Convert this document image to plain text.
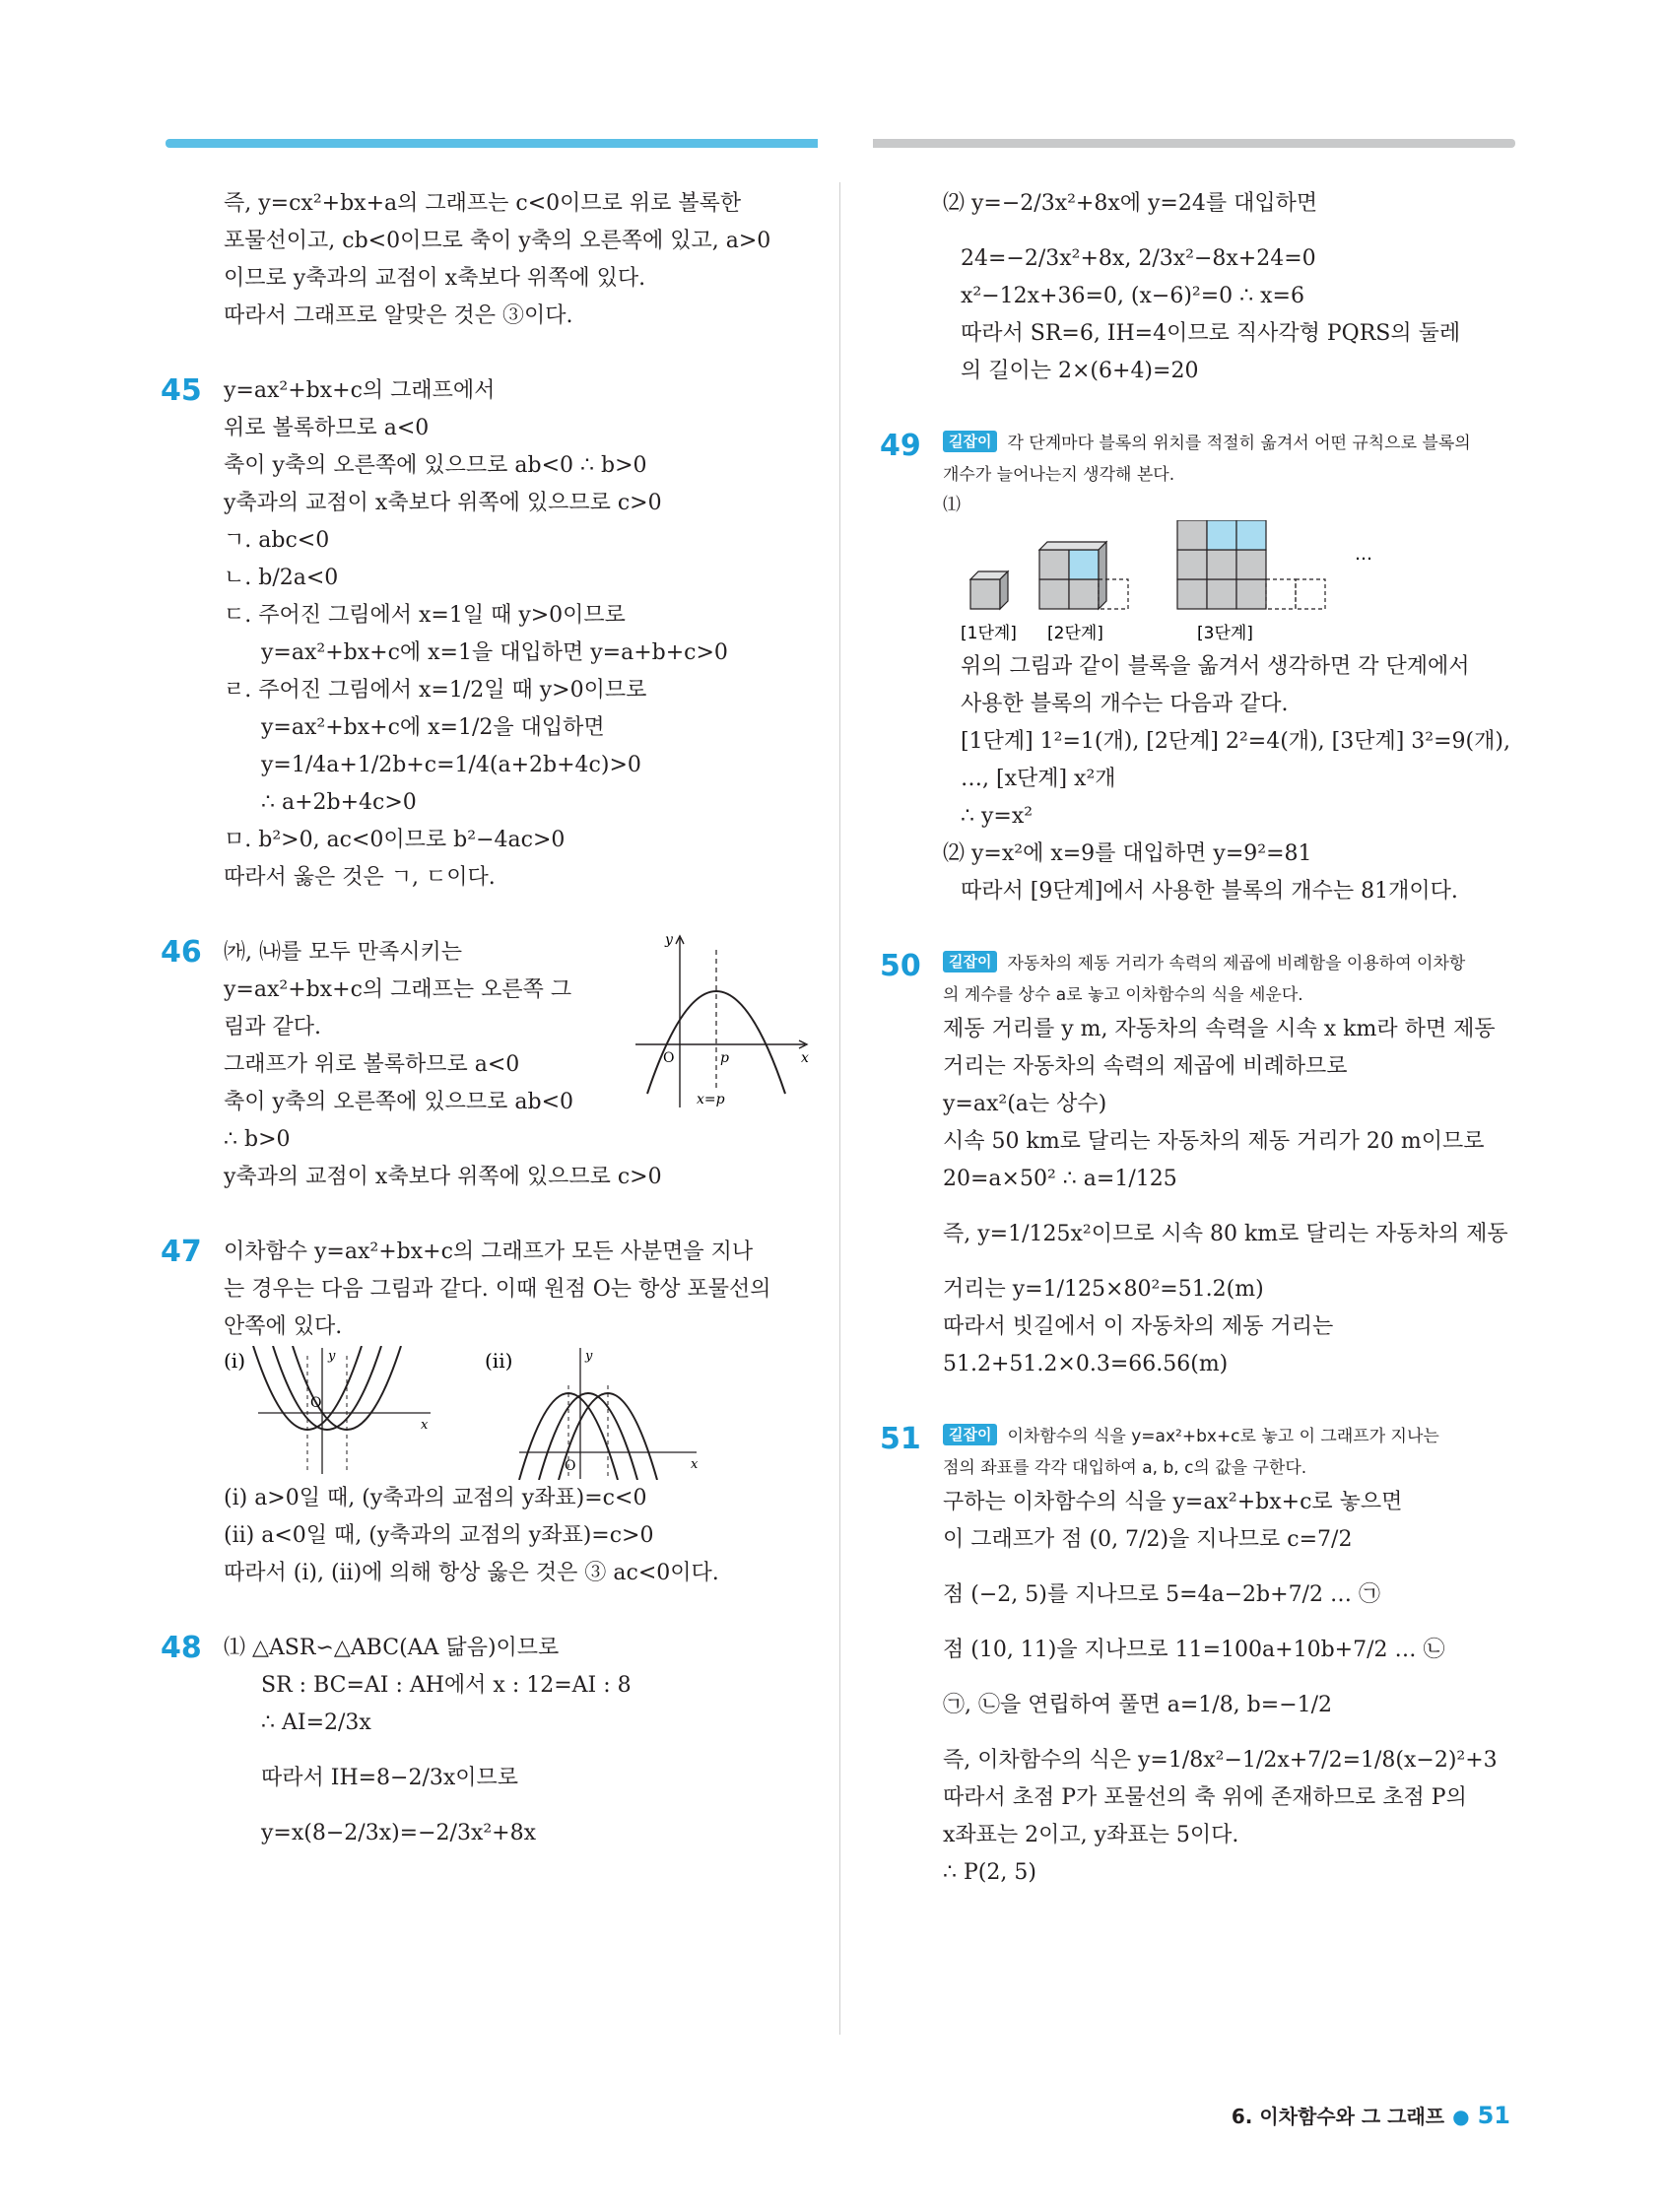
즉, y=cx²+bx+a의 그래프는 c<0이므로 위로 볼록한
포물선이고, cb<0이므로 축이 y축의 오른쪽에 있고, a>0
이므로 y축과의 교점이 x축보다 위쪽에 있다.
따라서 그래프로 알맞은 것은 ③이다.
45	y=ax²+bx+c의 그래프에서
위로 볼록하므로 a<0
축이 y축의 오른쪽에 있으므로 ab<0 ∴ b>0
y축과의 교점이 x축보다 위쪽에 있으므로 c>0
ㄱ. abc<0
ㄴ. b/2a<0
ㄷ. 주어진 그림에서 x=1일 때 y>0이므로
y=ax²+bx+c에 x=1을 대입하면 y=a+b+c>0
ㄹ. 주어진 그림에서 x=1/2일 때 y>0이므로
y=ax²+bx+c에 x=1/2을 대입하면
y=1/4a+1/2b+c=1/4(a+2b+4c)>0
∴ a+2b+4c>0
ㅁ. b²>0, ac<0이므로 b²−4ac>0
따라서 옳은 것은 ㄱ, ㄷ이다.
46	y
x
O	p
x=p
㈎, ㈏를 모두 만족시키는
y=ax²+bx+c의 그래프는 오른쪽 그
림과 같다.
그래프가 위로 볼록하므로 a<0
축이 y축의 오른쪽에 있으므로 ab<0
∴ b>0
y축과의 교점이 x축보다 위쪽에 있으므로 c>0
47	이차함수 y=ax²+bx+c의 그래프가 모든 사분면을 지나
는 경우는 다음 그림과 같다. 이때 원점 O는 항상 포물선의
안쪽에 있다.
(i)
O
y
x
(ii)
O
y
x
(i) a>0일 때, (y축과의 교점의 y좌표)=c<0
(ii) a<0일 때, (y축과의 교점의 y좌표)=c>0
따라서 (i), (ii)에 의해 항상 옳은 것은 ③ ac<0이다.
48	⑴ △ASR∽△ABC(AA 닮음)이므로
SR : BC=AI : AH에서 x : 12=AI : 8
∴ AI=2/3x
따라서 IH=8−2/3x이므로
y=x(8−2/3x)=−2/3x²+8x
⑵ y=−2/3x²+8x에 y=24를 대입하면
24=−2/3x²+8x, 2/3x²−8x+24=0
x²−12x+36=0, (x−6)²=0 ∴ x=6
따라서 SR=6, IH=4이므로 직사각형 PQRS의 둘레
의 길이는 2×(6+4)=20
49	길잡이 각 단계마다 블록의 위치를 적절히 옮겨서 어떤 규칙으로 블록의
개수가 늘어나는지 생각해 본다.
⑴
…
[1단계] [2단계]	[3단계]
위의 그림과 같이 블록을 옮겨서 생각하면 각 단계에서
사용한 블록의 개수는 다음과 같다.
[1단계] 1²=1(개), [2단계] 2²=4(개), [3단계] 3²=9(개),
…, [x단계] x²개
∴ y=x²
⑵ y=x²에 x=9를 대입하면 y=9²=81
따라서 [9단계]에서 사용한 블록의 개수는 81개이다.
50	길잡이 자동차의 제동 거리가 속력의 제곱에 비례함을 이용하여 이차항
의 계수를 상수 a로 놓고 이차함수의 식을 세운다.
제동 거리를 y m, 자동차의 속력을 시속 x km라 하면 제동
거리는 자동차의 속력의 제곱에 비례하므로
y=ax²(a는 상수)
시속 50 km로 달리는 자동차의 제동 거리가 20 m이므로
20=a×50² ∴ a=1/125
즉, y=1/125x²이므로 시속 80 km로 달리는 자동차의 제동
거리는 y=1/125×80²=51.2(m)
따라서 빗길에서 이 자동차의 제동 거리는
51.2+51.2×0.3=66.56(m)
51	길잡이 이차함수의 식을 y=ax²+bx+c로 놓고 이 그래프가 지나는
점의 좌표를 각각 대입하여 a, b, c의 값을 구한다.
구하는 이차함수의 식을 y=ax²+bx+c로 놓으면
이 그래프가 점 (0, 7/2)을 지나므로 c=7/2
점 (−2, 5)를 지나므로 5=4a−2b+7/2 … ㉠
점 (10, 11)을 지나므로 11=100a+10b+7/2 … ㉡
㉠, ㉡을 연립하여 풀면 a=1/8, b=−1/2
즉, 이차함수의 식은 y=1/8x²−1/2x+7/2=1/8(x−2)²+3
따라서 초점 P가 포물선의 축 위에 존재하므로 초점 P의
x좌표는 2이고, y좌표는 5이다.
∴ P(2, 5)
6. 이차함수와 그 그래프 ● 51
